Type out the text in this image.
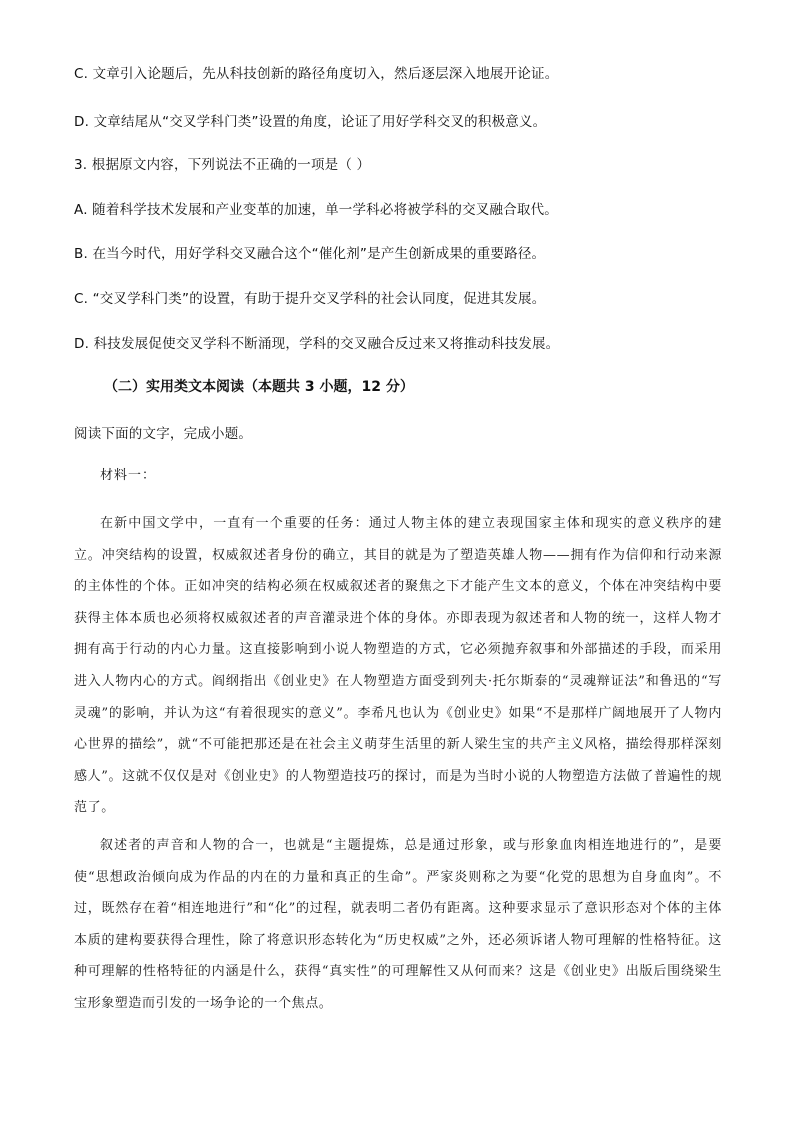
C. 文章引入论题后，先从科技创新的路径角度切入，然后逐层深入地展开论证。
D. 文章结尾从“交叉学科门类”设置的角度，论证了用好学科交叉的积极意义。
3. 根据原文内容，下列说法不正确的一项是（ ）
A. 随着科学技术发展和产业变革的加速，单一学科必将被学科的交叉融合取代。
B. 在当今时代，用好学科交叉融合这个“催化剂”是产生创新成果的重要路径。
C. “交叉学科门类”的设置，有助于提升交叉学科的社会认同度，促进其发展。
D. 科技发展促使交叉学科不断涌现，学科的交叉融合反过来又将推动科技发展。
（二）实用类文本阅读（本题共 3 小题，12 分）
阅读下面的文字，完成小题。
材料一：
在新中国文学中，一直有一个重要的任务：通过人物主体的建立表现国家主体和现实的意义秩序的建立。冲突结构的设置，权威叙述者身份的确立，其目的就是为了塑造英雄人物——拥有作为信仰和行动来源的主体性的个体。正如冲突的结构必须在权威叙述者的聚焦之下才能产生文本的意义，个体在冲突结构中要获得主体本质也必须将权威叙述者的声音灌录进个体的身体。亦即表现为叙述者和人物的统一，这样人物才拥有高于行动的内心力量。这直接影响到小说人物塑造的方式，它必须抛弃叙事和外部描述的手段，而采用进入人物内心的方式。阎纲指出《创业史》在人物塑造方面受到列夫·托尔斯泰的“灵魂辩证法”和鲁迅的“写灵魂”的影响，并认为这“有着很现实的意义”。李希凡也认为《创业史》如果“不是那样广阔地展开了人物内心世界的描绘”，就“不可能把那还是在社会主义萌芽生活里的新人梁生宝的共产主义风格，描绘得那样深刻感人”。这就不仅仅是对《创业史》的人物塑造技巧的探讨，而是为当时小说的人物塑造方法做了普遍性的规范了。
叙述者的声音和人物的合一，也就是“主题提炼，总是通过形象，或与形象血肉相连地进行的”，是要使“思想政治倾向成为作品的内在的力量和真正的生命”。严家炎则称之为要“化党的思想为自身血肉”。不过，既然存在着“相连地进行”和“化”的过程，就表明二者仍有距离。这种要求显示了意识形态对个体的主体本质的建构要获得合理性，除了将意识形态转化为“历史权威”之外，还必须诉诸人物可理解的性格特征。这种可理解的性格特征的内涵是什么，获得“真实性”的可理解性又从何而来？这是《创业史》出版后围绕梁生宝形象塑造而引发的一场争论的一个焦点。
